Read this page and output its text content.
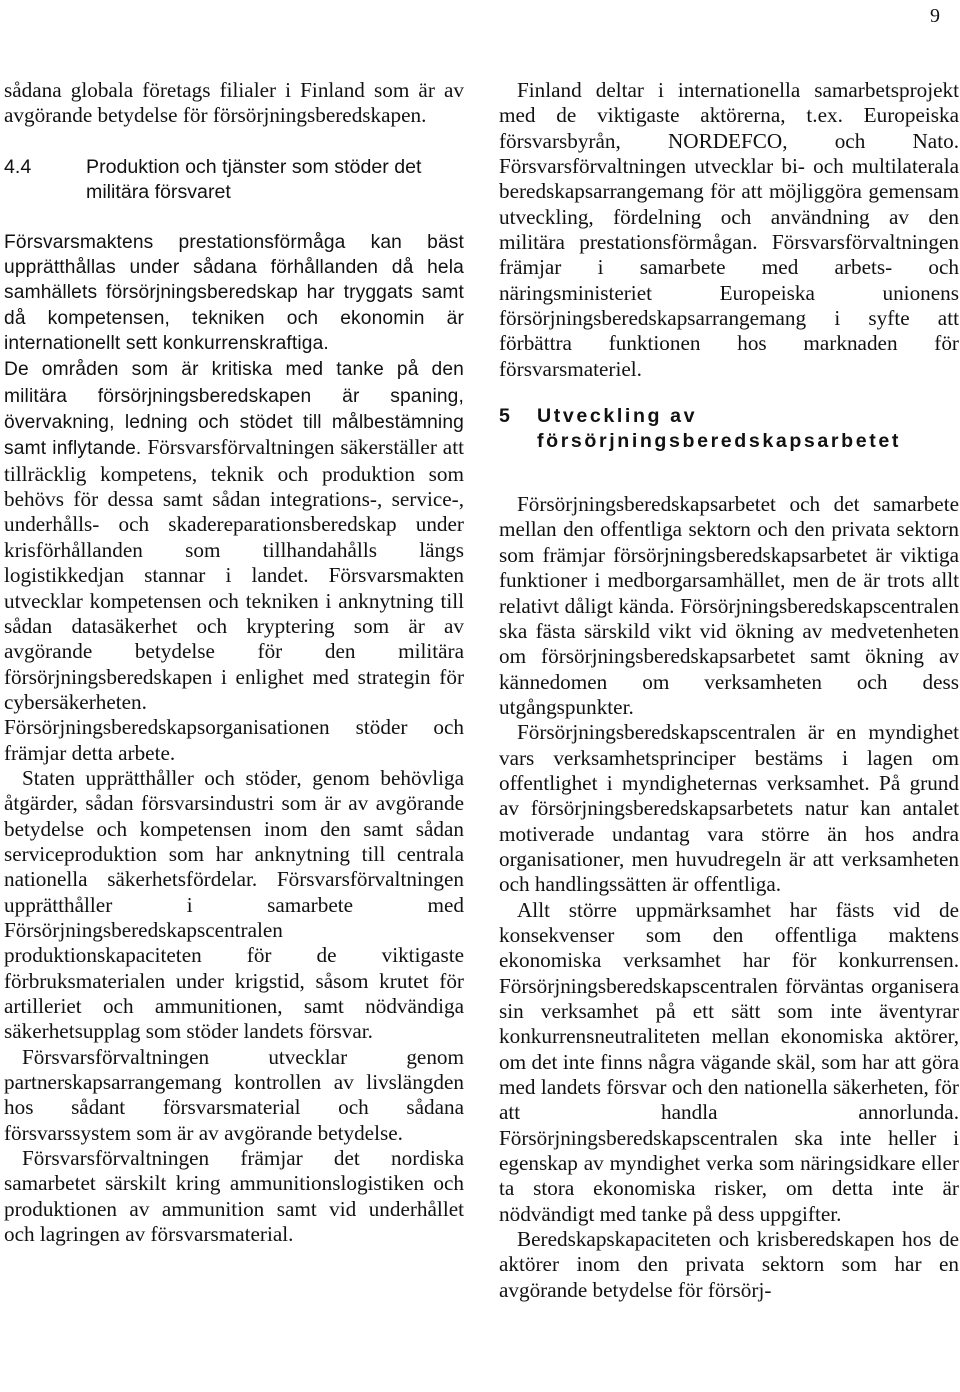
9

sådana globala företags filialer i Finland som är av avgörande betydelse för försörjningsberedskapen.

4.4	Produktion och tjänster som stöder det militära försvaret

Försvarsmaktens prestationsförmåga kan bäst upprätthållas under sådana förhållanden då hela samhällets försörjningsberedskap har tryggats samt då kompetensen, tekniken och ekonomin är internationellt sett konkurrenskraftiga.

De områden som är kritiska med tanke på den militära försörjningsberedskapen är spaning, övervakning, ledning och stödet till målbestämning samt inflytande. Försvarsförvaltningen säkerställer att tillräcklig kompetens, teknik och produktion som behövs för dessa samt sådan integrations-, service-, underhålls- och skadereparationsberedskap under krisförhållanden som tillhandahålls längs logistikkedjan stannar i landet. Försvarsmakten utvecklar kompetensen och tekniken i anknytning till sådan datasäkerhet och kryptering som är av avgörande betydelse för den militära försörjningsberedskapen i enlighet med strategin för cybersäkerheten. Försörjningsberedskapsorganisationen stöder och främjar detta arbete.

Staten upprätthåller och stöder, genom behövliga åtgärder, sådan försvarsindustri som är av avgörande betydelse och kompetensen inom den samt sådan serviceproduktion som har anknytning till centrala nationella säkerhetsfördelar. Försvarsförvaltningen upprätthåller i samarbete med Försörjningsberedskapscentralen produktionskapaciteten för de viktigaste förbruksmaterialen under krigstid, såsom krutet för artilleriet och ammunitionen, samt nödvändiga säkerhetsupplag som stöder landets försvar.

Försvarsförvaltningen utvecklar genom partnerskapsarrangemang kontrollen av livslängden hos sådant försvarsmaterial och sådana försvarssystem som är av avgörande betydelse.

Försvarsförvaltningen främjar det nordiska samarbetet särskilt kring ammunitionslogistiken och produktionen av ammunition samt vid underhållet och lagringen av försvarsmaterial.

Finland deltar i internationella samarbetsprojekt med de viktigaste aktörerna, t.ex. Europeiska försvarsbyrån, NORDEFCO, och Nato. Försvarsförvaltningen utvecklar bi- och multilaterala beredskapsarrangemang för att möjliggöra gemensam utveckling, fördelning och användning av den militära prestationsförmågan. Försvarsförvaltningen främjar i samarbete med arbets- och näringsministeriet Europeiska unionens försörjningsberedskapsarrangemang i syfte att förbättra funktionen hos marknaden för försvarsmateriel.

5	Utveckling av försörjningsberedskapsarbetet

Försörjningsberedskapsarbetet och det samarbete mellan den offentliga sektorn och den privata sektorn som främjar försörjningsberedskapsarbetet är viktiga funktioner i medborgarsamhället, men de är trots allt relativt dåligt kända. Försörjningsberedskapscentralen ska fästa särskild vikt vid ökning av medvetenheten om försörjningsberedskapsarbetet samt ökning av kännedomen om verksamheten och dess utgångspunkter.

Försörjningsberedskapscentralen är en myndighet vars verksamhetsprinciper bestäms i lagen om offentlighet i myndigheternas verksamhet. På grund av försörjningsberedskapsarbetets natur kan antalet motiverade undantag vara större än hos andra organisationer, men huvudregeln är att verksamheten och handlingssätten är offentliga.

Allt större uppmärksamhet har fästs vid de konsekvenser som den offentliga maktens ekonomiska verksamhet har för konkurrensen. Försörjningsberedskapscentralen förväntas organisera sin verksamhet på ett sätt som inte äventyrar konkurrensneutraliteten mellan ekonomiska aktörer, om det inte finns några vägande skäl, som har att göra med landets försvar och den nationella säkerheten, för att handla annorlunda. Försörjningsberedskapscentralen ska inte heller i egenskap av myndighet verka som näringsidkare eller ta stora ekonomiska risker, om detta inte är nödvändigt med tanke på dess uppgifter.

Beredskapskapaciteten och krisberedskapen hos de aktörer inom den privata sektorn som har en avgörande betydelse för försörj-
